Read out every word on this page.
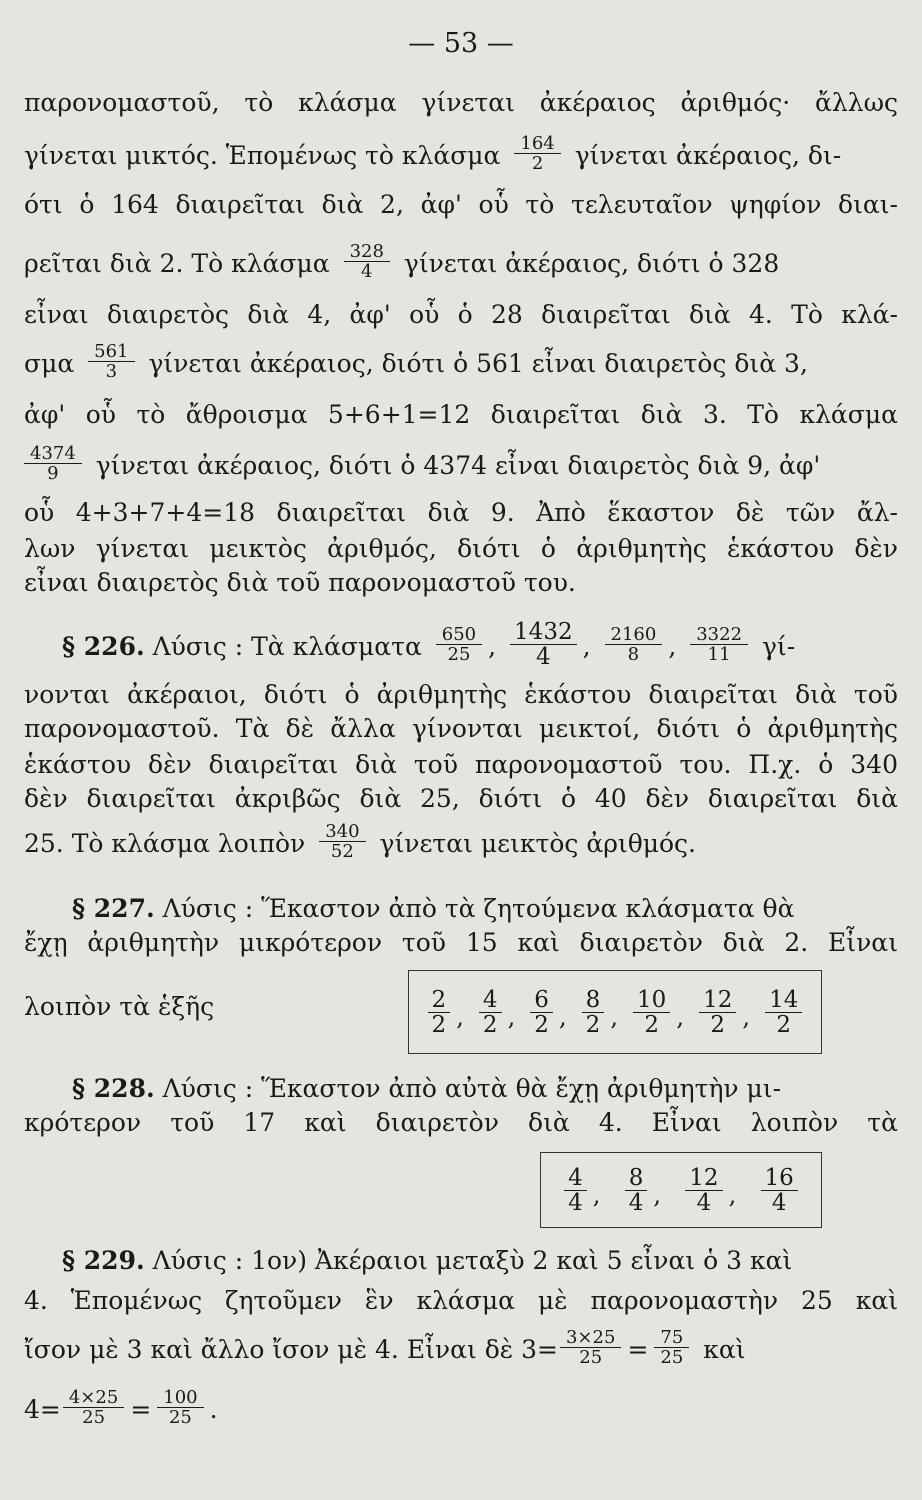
— 53 —
παρονομαστοῦ, τὸ κλάσμα γίνεται ἀκέραιος ἀριθμός· ἄλλως
γίνεται μικτός. Ἑπομένως τὸ κλάσμα $\frac{164}{2}$ γίνεται ἀκέραιος, δι-
ότι ὁ 164 διαιρεῖται διὰ 2, ἀφ' οὗ τὸ τελευταῖον ψηφίον διαι-
ρεῖται διὰ 2. Τὸ κλάσμα $\frac{328}{4}$ γίνεται ἀκέραιος, διότι ὁ 328
εἶναι διαιρετὸς διὰ 4, ἀφ' οὗ ὁ 28 διαιρεῖται διὰ 4. Τὸ κλά-
σμα $\frac{561}{3}$ γίνεται ἀκέραιος, διότι ὁ 561 εἶναι διαιρετὸς διὰ 3,
ἀφ' οὗ τὸ ἄθροισμα 5+6+1=12 διαιρεῖται διὰ 3. Τὸ κλάσμα
$\frac{4374}{9}$ γίνεται ἀκέραιος, διότι ὁ 4374 εἶναι διαιρετὸς διὰ 9, ἀφ'
οὗ 4+3+7+4=18 διαιρεῖται διὰ 9. Ἀπὸ ἕκαστον δὲ τῶν ἄλ-
λων γίνεται μεικτὸς ἀριθμός, διότι ὁ ἀριθμητὴς ἑκάστου δὲν
εἶναι διαιρετὸς διὰ τοῦ παρονομαστοῦ του.
§ 226. Λύσις : Τὰ κλάσματα $\frac{650}{25}$ , $\frac{1432}{4}$ , $\frac{2160}{8}$ , $\frac{3322}{11} \gamma ί-$
νονται ἀκέραιοι, διότι ὁ ἀριθμητὴς ἑκάστου διαιρεῖται διὰ τοῦ
παρονομαστοῦ. Τὰ δὲ ἄλλα γίνονται μεικτοί, διότι ὁ ἀριθμητὴς
ἑκάστου δὲν διαιρεῖται διὰ τοῦ παρονομαστοῦ του. Π.χ. ὁ 340
δὲν διαιρεῖται ἀκριβῶς διὰ 25, διότι ὁ 40 δὲν διαιρεῖται διὰ
25. Τὸ κλάσμα λοιπὸν $\frac{340}{52}$ γίνεται μεικτὸς ἀριθμός.
§ 227. Λύσις : Ἕκαστον ἀπὸ τὰ ζητούμενα κλάσματα θὰ
ἔχῃ ἀριθμητὴν μικρότερον τοῦ 15 καὶ διαιρετὸν διὰ 2. Εἶναι
λοιπὸν τὰ ἑξῆς	$\frac{2}{2}$ , $\frac{4}{2}$ , $\frac{6}{2}$ , $\frac{8}{2}$ , $\frac{10}{2}$ , $\frac{12}{2}$ , $\frac{14}{2}$
§ 228. Λύσις : Ἕκαστον ἀπὸ αὐτὰ θὰ ἔχῃ ἀριθμητὴν μι-
κρότερον τοῦ 17 καὶ διαιρετὸν διὰ 4. Εἶναι λοιπὸν τὰ
$\frac{4}{4}$ , $\frac{8}{4}$ , $\frac{12}{4}$ , $\frac{16}{4}$
§ 229. Λύσις : 1ον) Ἀκέραιοι μεταξὺ 2 καὶ 5 εἶναι ὁ 3 καὶ
4. Ἑπομένως ζητοῦμεν ἓν κλάσμα μὲ παρονομαστὴν 25 καὶ
ἴσον μὲ 3 καὶ ἄλλο ἴσον μὲ 4. Εἶναι δὲ $3= \frac{3\times 25}{25} = \frac{75}{25}$ καὶ
$4= \frac{4\times 25}{25} = \frac{100}{25}$ .
